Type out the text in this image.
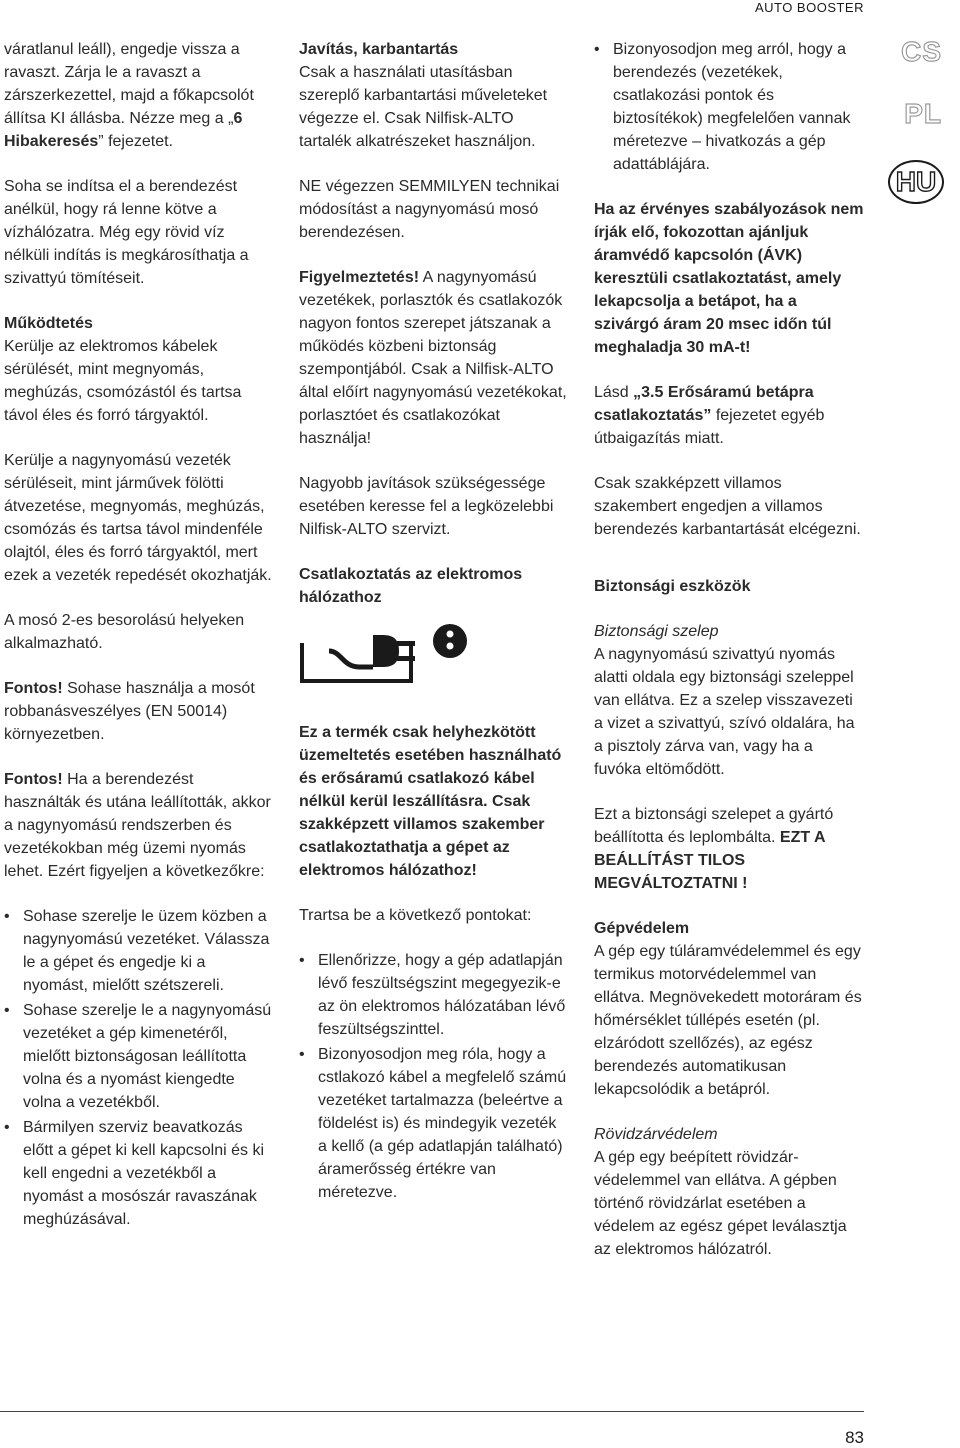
AUTO BOOSTER
CS
PL
HU

váratlanul leáll), engedje vissza a ravaszt. Zárja le a ravaszt a zárszerkezettel, majd a főkapcsolót állítsa KI állásba. Nézze meg a „6 Hibakeresés” fejezetet.

Soha se indítsa el a berendezést anélkül, hogy rá lenne kötve a vízhálózatra. Még egy rövid víz nélküli indítás is megkárosíthatja a szivattyú tömítéseit.

Működtetés

Kerülje az elektromos kábelek sérülését, mint megnyomás, meghúzás, csomózástól és tartsa távol éles és forró tárgyaktól.

Kerülje a nagynyomású vezeték sérüléseit, mint járművek fölötti átvezetése, megnyomás, meghúzás, csomózás és tartsa távol mindenféle olajtól, éles és forró tárgyaktól, mert ezek a vezeték repedését okozhatják.

A mosó 2-es besorolású helyeken alkalmazható.

Fontos! Sohase használja a mosót robbanásveszélyes (EN 50014) környezetben.

Fontos! Ha a berendezést használták és utána leállították, akkor a nagynyomású rendszerben és vezetékokban még üzemi nyomás lehet. Ezért figyeljen a következőkre:

• Sohase szerelje le üzem közben a nagynyomású vezetéket. Válassza le a gépet és engedje ki a nyomást, mielőtt szétszereli.
• Sohase szerelje le a nagynyomású vezetéket a gép kimenetéről, mielőtt biztonságosan leállította volna és a nyomást kiengedte volna a vezetékből.
• Bármilyen szerviz beavatkozás előtt a gépet ki kell kapcsolni és ki kell engedni a vezetékből a nyomást a mosószár ravaszának meghúzásával.
Javítás, karbantartás

Csak a használati utasításban szereplő karbantartási műveleteket végezze el. Csak Nilfisk-ALTO tartalék alkatrészeket használjon.

NE végezzen SEMMILYEN technikai módosítást a nagynyomású mosó berendezésen.

Figyelmeztetés! A nagynyomású vezetékek, porlasztók és csatlakozók nagyon fontos szerepet játszanak a működés közbeni biztonság szempontjából. Csak a Nilfisk-ALTO által előírt nagynyomású vezetékokat, porlasztóet és csatlakozókat használja!

Nagyobb javítások szükségessége esetében keresse fel a legközelebbi Nilfisk-ALTO szervizt.

Csatlakoztatás az elektromos hálózathoz

Ez a termék csak helyhezkötött üzemeltetés esetében használható és erősáramú csatlakozó kábel nélkül kerül leszállításra. Csak szakképzett villamos szakember csatlakoztathatja a gépet az elektromos hálózathoz!

Trartsa be a következő pontokat:

• Ellenőrizze, hogy a gép adatlapján lévő feszültségszint megegyezik-e az ön elektromos hálózatában lévő feszültségszinttel.
• Bizonyosodjon meg róla, hogy a cstlakozó kábel a megfelelő számú vezetéket tartalmazza (beleértve a földelést is) és mindegyik vezeték a kellő (a gép adatlapján található) áramerősség értékre van méretezve.
• Bizonyosodjon meg arról, hogy a berendezés (vezetékek, csatlakozási pontok és biztosítékok) megfelelően vannak méretezve – hivatkozás a gép adattáblájára.

Ha az érvényes szabályozások nem írják elő, fokozottan ajánljuk áramvédő kapcsolón (ÁVK) keresztüli csatlakoztatást, amely lekapcsolja a betápot, ha a szivárgó áram 20 msec időn túl meghaladja 30 mA-t!

Lásd „3.5 Erősáramú betápra csatlakoztatás” fejezetet egyéb útbaigazítás miatt.

Csak szakképzett villamos szakembert engedjen a villamos berendezés karbantartását elcégezni.

Biztonsági eszközök
Biztonsági szelep

A nagynyomású szivattyú nyomás alatti oldala egy biztonsági szeleppel van ellátva. Ez a szelep visszavezeti a vizet a szivattyú, szívó oldalára, ha a pisztoly zárva van, vagy ha a fuvóka eltömődött.

Ezt a biztonsági szelepet a gyártó beállította és leplombálta. EZT A BEÁLLÍTÁST TILOS MEGVÁLTOZTATNI !

Gépvédelem

A gép egy túláramvédelemmel és egy termikus motorvédelemmel van ellátva. Megnövekedett motoráram és hőmérséklet túllépés esetén (pl. elzáródott szellőzés), az egész berendezés automatikusan lekapcsolódik a betápról.

Rövidzárvédelem

A gép egy beépített rövidzár-védelemmel van ellátva. A gépben történő rövidzárlat esetében a védelem az egész gépet leválasztja az elektromos hálózatról.

83
